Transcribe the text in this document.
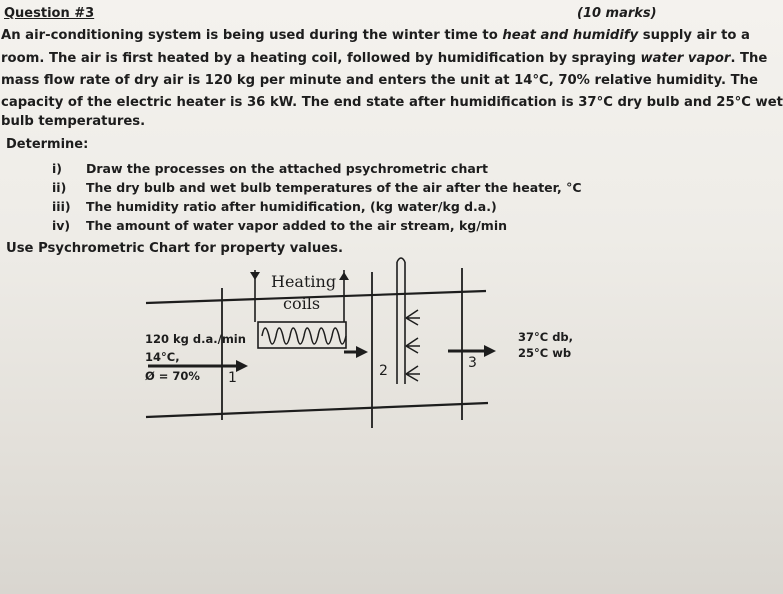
Question #3	(10 marks)
An air-conditioning system is being used during the winter time to heat and humidify supply air to a
room. The air is first heated by a heating coil, followed by humidification by spraying water vapor. The
mass flow rate of dry air is 120 kg per minute and enters the unit at 14°C, 70% relative humidity. The
capacity of the electric heater is 36 kW. The end state after humidification is 37°C dry bulb and 25°C wet
bulb temperatures.
Determine:
i) Draw the processes on the attached psychrometric chart
ii) The dry bulb and wet bulb temperatures of the air after the heater, °C
iii) The humidity ratio after humidification, (kg water/kg d.a.)
iv) The amount of water vapor added to the air stream, kg/min
Use Psychrometric Chart for property values.
Heating
coils
120 kg d.a./min
14°C,
Ø = 70% 1	2	3
37°C db,
25°C wb
